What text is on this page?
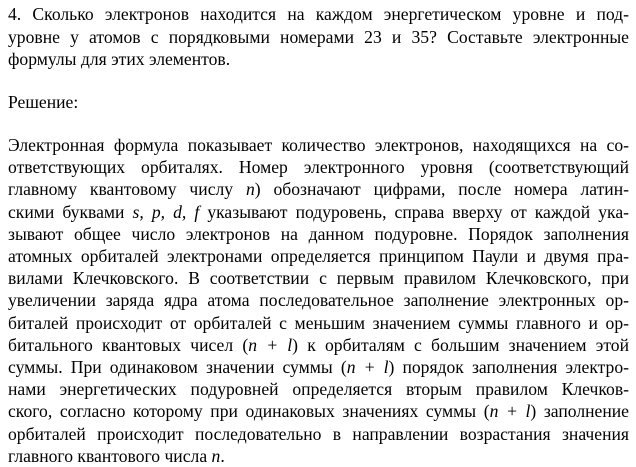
4. Сколько электронов находится на каждом энергетическом уровне и под-
уровне у атомов с порядковыми номерами 23 и 35? Составьте электронные
формулы для этих элементов.
Решение:
Электронная формула показывает количество электронов, находящихся на со-
ответствующих орбиталях. Номер электронного уровня (соответствующий
главному квантовому числу n) обозначают цифрами, после номера латин-
скими буквами s, p, d, f указывают подуровень, справа вверху от каждой ука-
зывают общее число электронов на данном подуровне. Порядок заполнения
атомных орбиталей электронами определяется принципом Паули и двумя пра-
вилами Клечковского. В соответствии с первым правилом Клечковского, при
увеличении заряда ядра атома последовательное заполнение электронных ор-
биталей происходит от орбиталей с меньшим значением суммы главного и ор-
битального квантовых чисел (n + l) к орбиталям с большим значением этой
суммы. При одинаковом значении суммы (n + l) порядок заполнения электро-
нами энергетических подуровней определяется вторым правилом Клечков-
ского, согласно которому при одинаковых значениях суммы (n + l) заполнение
орбиталей происходит последовательно в направлении возрастания значения
главного квантового числа n.
